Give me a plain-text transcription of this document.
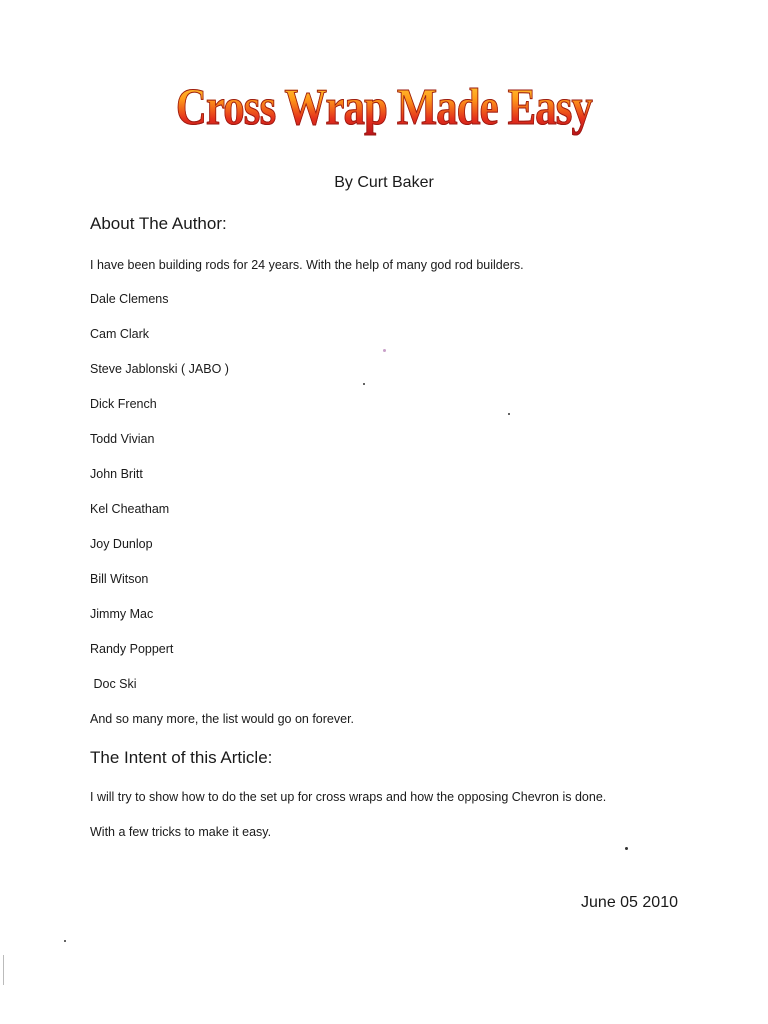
Cross Wrap Made Easy
By Curt Baker
About The Author:
I have been building rods for 24 years. With the help of many god rod builders.
Dale Clemens
Cam Clark
Steve Jablonski ( JABO )
Dick French
Todd Vivian
John Britt
Kel Cheatham
Joy Dunlop
Bill Witson
Jimmy Mac
Randy Poppert
Doc Ski
And so many more, the list would go on forever.
The Intent of this Article:
I will try to show how to do the set up for cross wraps and how the opposing Chevron is done.
With a few tricks to make it easy.
June 05 2010
